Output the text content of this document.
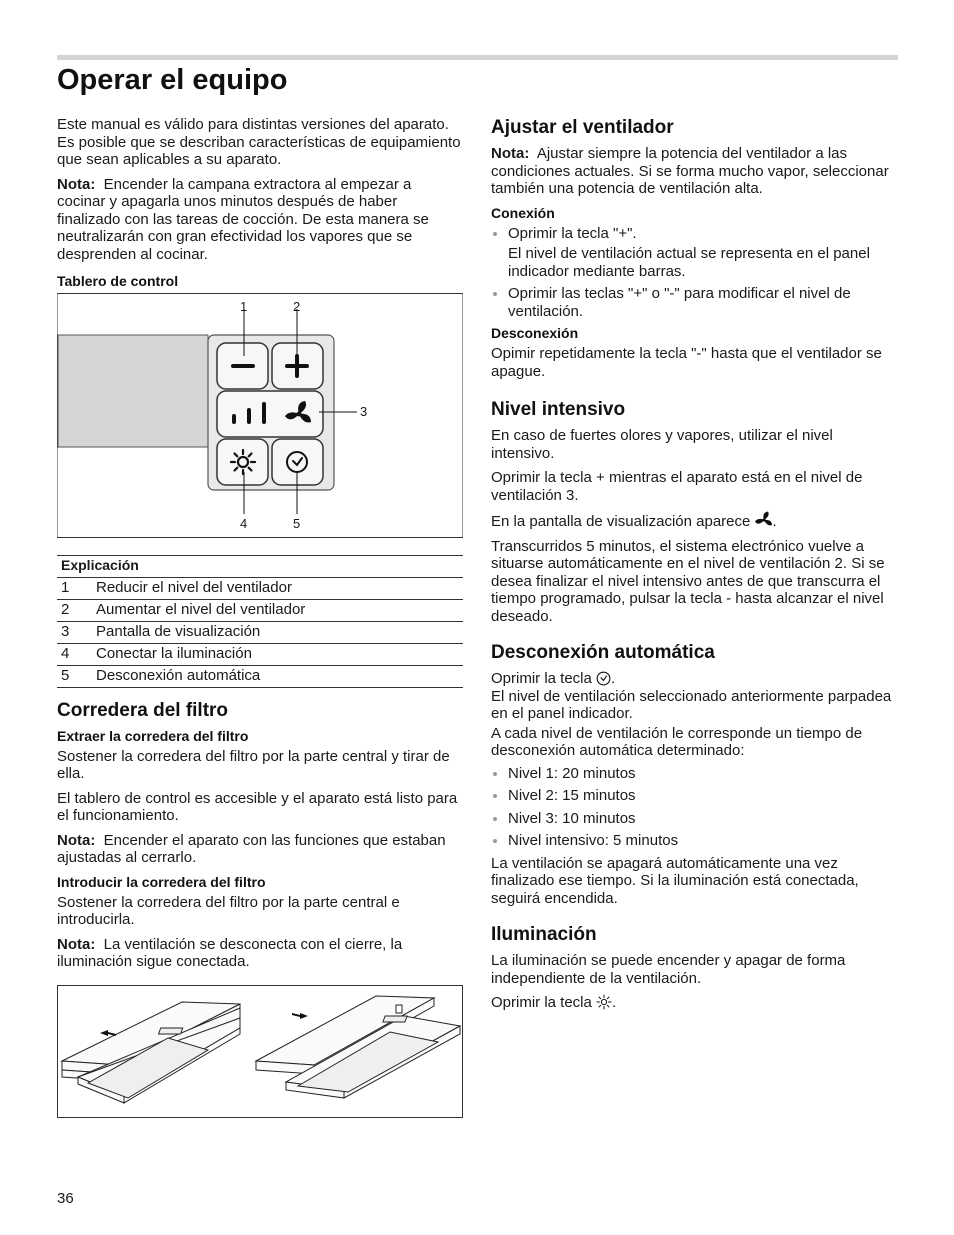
Operar el equipo

Este manual es válido para distintas versiones del aparato. Es posible que se describan características de equipamiento que sean aplicables a su aparato.

Nota: Encender la campana extractora al empezar a cocinar y apagarla unos minutos después de haber finalizado con las tareas de cocción. De esta manera se neutralizarán con gran efectividad los vapores que se desprenden al cocinar.

Tablero de control
1	2
3
4	5
Explicación
1	Reducir el nivel del ventilador
2	Aumentar el nivel del ventilador
3	Pantalla de visualización
4	Conectar la iluminación
5	Desconexión automática
Corredera del filtro
Extraer la corredera del filtro

Sostener la corredera del filtro por la parte central y tirar de ella.

El tablero de control es accesible y el aparato está listo para el funcionamiento.

Nota: Encender el aparato con las funciones que estaban ajustadas al cerrarlo.

Introducir la corredera del filtro

Sostener la corredera del filtro por la parte central e introducirla.

Nota: La ventilación se desconecta con el cierre, la iluminación sigue conectada.

Ajustar el ventilador

Nota: Ajustar siempre la potencia del ventilador a las condiciones actuales. Si se forma mucho vapor, seleccionar también una potencia de ventilación alta.

Conexión
Oprimir la tecla "+".
El nivel de ventilación actual se representa en el panel indicador mediante barras.
Oprimir las teclas "+" o "-" para modificar el nivel de ventilación.
Desconexión

Opimir repetidamente la tecla "-" hasta que el ventilador se apague.

Nivel intensivo

En caso de fuertes olores y vapores, utilizar el nivel intensivo.

Oprimir la tecla + mientras el aparato está en el nivel de ventilación 3.

En la pantalla de visualización aparece .

Transcurridos 5 minutos, el sistema electrónico vuelve a situarse automáticamente en el nivel de ventilación 2. Si se desea finalizar el nivel intensivo antes de que transcurra el tiempo programado, pulsar la tecla - hasta alcanzar el nivel deseado.

Desconexión automática

Oprimir la tecla .
El nivel de ventilación seleccionado anteriormente parpadea en el panel indicador.

A cada nivel de ventilación le corresponde un tiempo de desconexión automática determinado:

Nivel 1: 20 minutos
Nivel 2: 15 minutos
Nivel 3: 10 minutos
Nivel intensivo: 5 minutos

La ventilación se apagará automáticamente una vez finalizado ese tiempo. Si la iluminación está conectada, seguirá encendida.

Iluminación

La iluminación se puede encender y apagar de forma independiente de la ventilación.

Oprimir la tecla .

36
